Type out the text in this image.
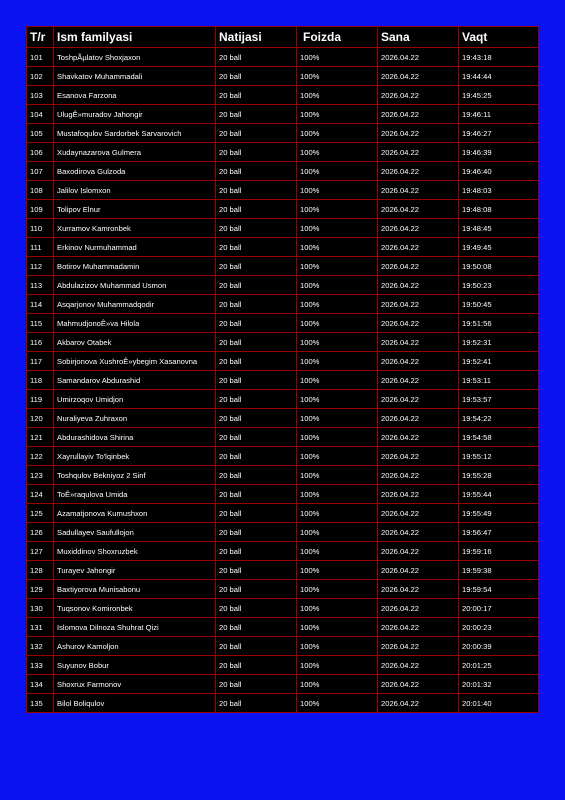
T/r	Ism familyasi	Natijasi	Foizda	Sana	Vaqt
101	ToshpÃµlatov Shoxjaxon	20 ball	100%	2026.04.22	19:43:18
102	Shavkatov Muhammadali	20 ball	100%	2026.04.22	19:44:44
103	Esanova Farzona	20 ball	100%	2026.04.22	19:45:25
104	UlugÊ»muradov Jahongir	20 ball	100%	2026.04.22	19:46:11
105	Mustafoqulov Sardorbek Sarvarovich	20 ball	100%	2026.04.22	19:46:27
106	Xudaynazarova Gulmera	20 ball	100%	2026.04.22	19:46:39
107	Baxodirova Gulzoda	20 ball	100%	2026.04.22	19:46:40
108	Jalilov Islomxon	20 ball	100%	2026.04.22	19:48:03
109	Tolipov Elnur	20 ball	100%	2026.04.22	19:48:08
110	Xurramov Kamronbek	20 ball	100%	2026.04.22	19:48:45
111	Erkinov Nurmuhammad	20 ball	100%	2026.04.22	19:49:45
112	Botirov Muhammadamin	20 ball	100%	2026.04.22	19:50:08
113	Abdulazizov Muhammad Usmon	20 ball	100%	2026.04.22	19:50:23
114	Asqarjonov Muhammadqodir	20 ball	100%	2026.04.22	19:50:45
115	MahmudjonoÊ»va Hilola	20 ball	100%	2026.04.22	19:51:56
116	Akbarov Otabek	20 ball	100%	2026.04.22	19:52:31
117	Sobirjonova XushroÊ»ybegim Xasanovna	20 ball	100%	2026.04.22	19:52:41
118	Samandarov Abdurashid	20 ball	100%	2026.04.22	19:53:11
119	Umirzoqov Umidjon	20 ball	100%	2026.04.22	19:53:57
120	Nuraliyeva Zuhraxon	20 ball	100%	2026.04.22	19:54:22
121	Abdurashidova Shirina	20 ball	100%	2026.04.22	19:54:58
122	Xayrullayiv To'lqinbek	20 ball	100%	2026.04.22	19:55:12
123	Toshqulov Bekniyoz 2 Sinf	20 ball	100%	2026.04.22	19:55:28
124	ToÊ»raqulova Umida	20 ball	100%	2026.04.22	19:55:44
125	Azamatjonova Kumushxon	20 ball	100%	2026.04.22	19:55:49
126	Sadullayev Saufullojon	20 ball	100%	2026.04.22	19:56:47
127	Muxiddinov Shoxruzbek	20 ball	100%	2026.04.22	19:59:16
128	Turayev Jahongir	20 ball	100%	2026.04.22	19:59:38
129	Baxtiyorova Munisabonu	20 ball	100%	2026.04.22	19:59:54
130	Tuqsonov Komironbek	20 ball	100%	2026.04.22	20:00:17
131	Islomova Dilnoza Shuhrat Qizi	20 ball	100%	2026.04.22	20:00:23
132	Ashurov Kamoljon	20 ball	100%	2026.04.22	20:00:39
133	Suyunov Bobur	20 ball	100%	2026.04.22	20:01:25
134	Shoxrux Farmonov	20 ball	100%	2026.04.22	20:01:32
135	Bilol Boliqulov	20 ball	100%	2026.04.22	20:01:40
